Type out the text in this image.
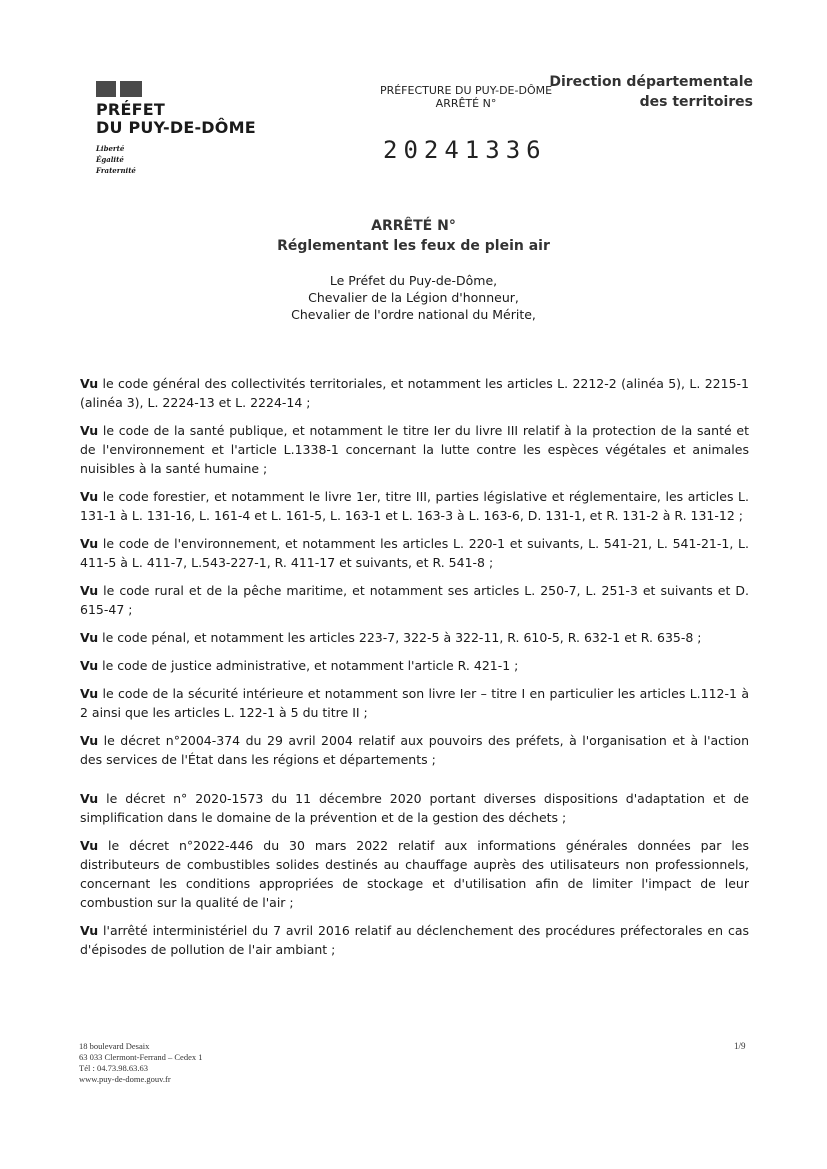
PRÉFET
DU PUY-DE-DÔME
Liberté
Égalité
Fraternité
PRÉFECTURE DU PUY-DE-DÔME
ARRÊTÉ N°
20241336
Direction départementale
des territoires
ARRÊTÉ N°
Réglementant les feux de plein air
Le Préfet du Puy-de-Dôme,
Chevalier de la Légion d'honneur,
Chevalier de l'ordre national du Mérite,

Vu le code général des collectivités territoriales, et notamment les articles L. 2212-2 (alinéa 5), L. 2215-1 (alinéa 3), L. 2224-13 et L. 2224-14 ;

Vu le code de la santé publique, et notamment le titre Ier du livre III relatif à la protection de la santé et de l'environnement et l'article L.1338-1 concernant la lutte contre les espèces végétales et animales nuisibles à la santé humaine ;

Vu le code forestier, et notamment le livre 1er, titre III, parties législative et réglementaire, les articles L. 131-1 à L. 131-16, L. 161-4 et L. 161-5, L. 163-1 et L. 163-3 à L. 163-6, D. 131-1, et R. 131-2 à R. 131-12 ;

Vu le code de l'environnement, et notamment les articles L. 220-1 et suivants, L. 541-21, L. 541-21-1, L. 411-5 à L. 411-7, L.543-227-1, R. 411-17 et suivants, et R. 541-8 ;

Vu le code rural et de la pêche maritime, et notamment ses articles L. 250-7, L. 251-3 et suivants et D. 615-47 ;

Vu le code pénal, et notamment les articles 223-7, 322-5 à 322-11, R. 610-5, R. 632-1 et R. 635-8 ;

Vu le code de justice administrative, et notamment l'article R. 421-1 ;

Vu le code de la sécurité intérieure et notamment son livre Ier – titre I en particulier les articles L.112-1 à 2 ainsi que les articles L. 122-1 à 5 du titre II ;

Vu le décret n°2004-374 du 29 avril 2004 relatif aux pouvoirs des préfets, à l'organisation et à l'action des services de l'État dans les régions et départements ;

Vu le décret n° 2020-1573 du 11 décembre 2020 portant diverses dispositions d'adaptation et de simplification dans le domaine de la prévention et de la gestion des déchets ;

Vu le décret n°2022-446 du 30 mars 2022 relatif aux informations générales données par les distributeurs de combustibles solides destinés au chauffage auprès des utilisateurs non professionnels, concernant les conditions appropriées de stockage et d'utilisation afin de limiter l'impact de leur combustion sur la qualité de l'air ;

Vu l'arrêté interministériel du 7 avril 2016 relatif au déclenchement des procédures préfectorales en cas d'épisodes de pollution de l'air ambiant ;

18 boulevard Desaix
63 033 Clermont-Ferrand – Cedex 1
Tél : 04.73.98.63.63
www.puy-de-dome.gouv.fr
1/9
